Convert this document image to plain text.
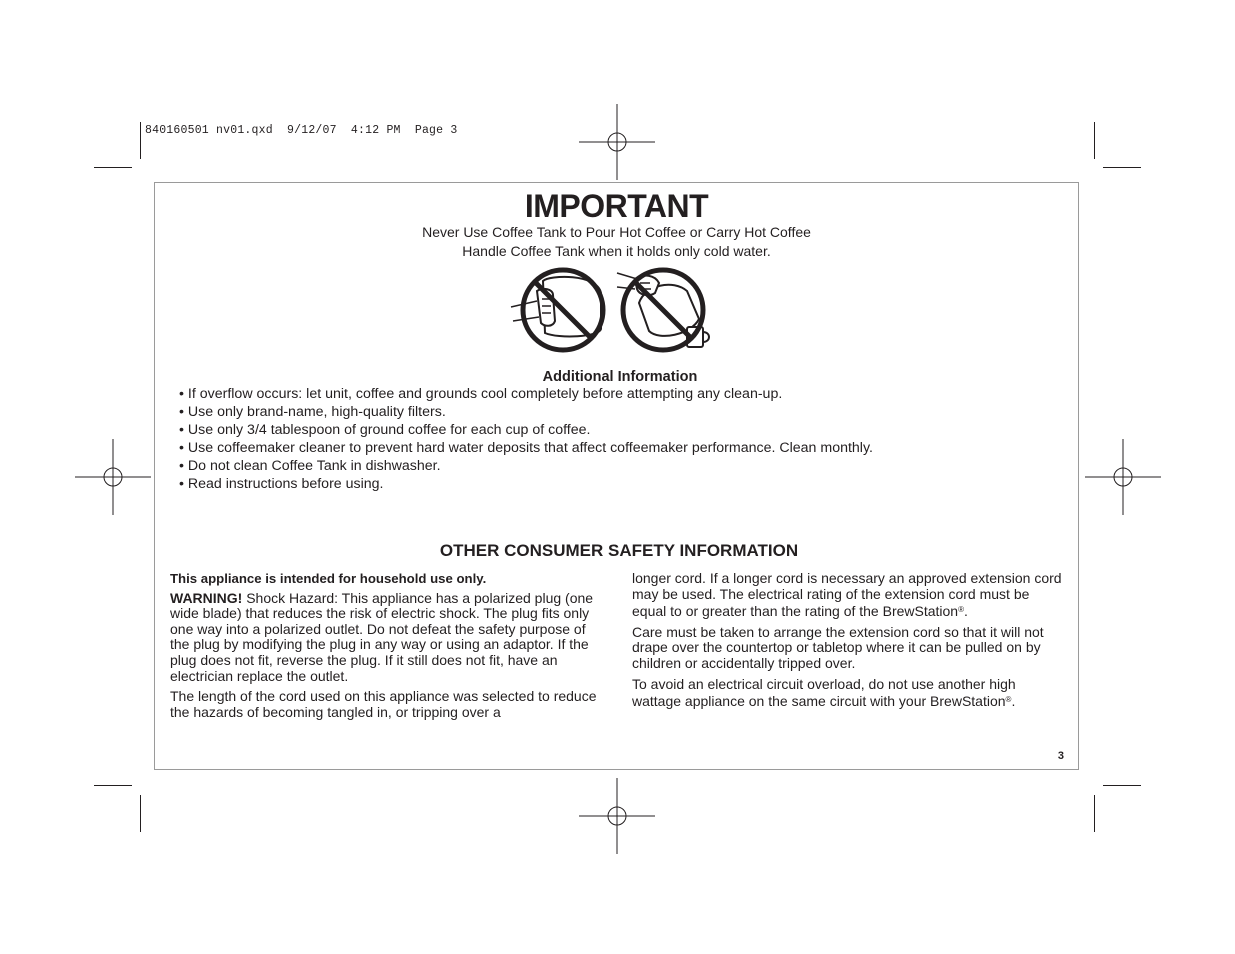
840160501 nv01.qxd  9/12/07  4:12 PM  Page 3
IMPORTANT
Never Use Coffee Tank to Pour Hot Coffee or Carry Hot Coffee
Handle Coffee Tank when it holds only cold water.
Additional Information
• If overflow occurs: let unit, coffee and grounds cool completely before attempting any clean-up.
• Use only brand-name, high-quality filters.
• Use only 3/4 tablespoon of ground coffee for each cup of coffee.
• Use coffeemaker cleaner to prevent hard water deposits that affect coffeemaker performance. Clean monthly.
• Do not clean Coffee Tank in dishwasher.
• Read instructions before using.
OTHER CONSUMER SAFETY INFORMATION

This appliance is intended for household use only.

WARNING! Shock Hazard: This appliance has a polarized plug (one wide blade) that reduces the risk of electric shock. The plug fits only one way into a polarized outlet. Do not defeat the safety purpose of the plug by modifying the plug in any way or using an adaptor. If the plug does not fit, reverse the plug. If it still does not fit, have an electrician replace the outlet.

The length of the cord used on this appliance was selected to reduce the hazards of becoming tangled in, or tripping over a

longer cord. If a longer cord is necessary an approved extension cord may be used. The electrical rating of the extension cord must be equal to or greater than the rating of the BrewStation®.

Care must be taken to arrange the extension cord so that it will not drape over the countertop or tabletop where it can be pulled on by children or accidentally tripped over.

To avoid an electrical circuit overload, do not use another high wattage appliance on the same circuit with your BrewStation®.

3
